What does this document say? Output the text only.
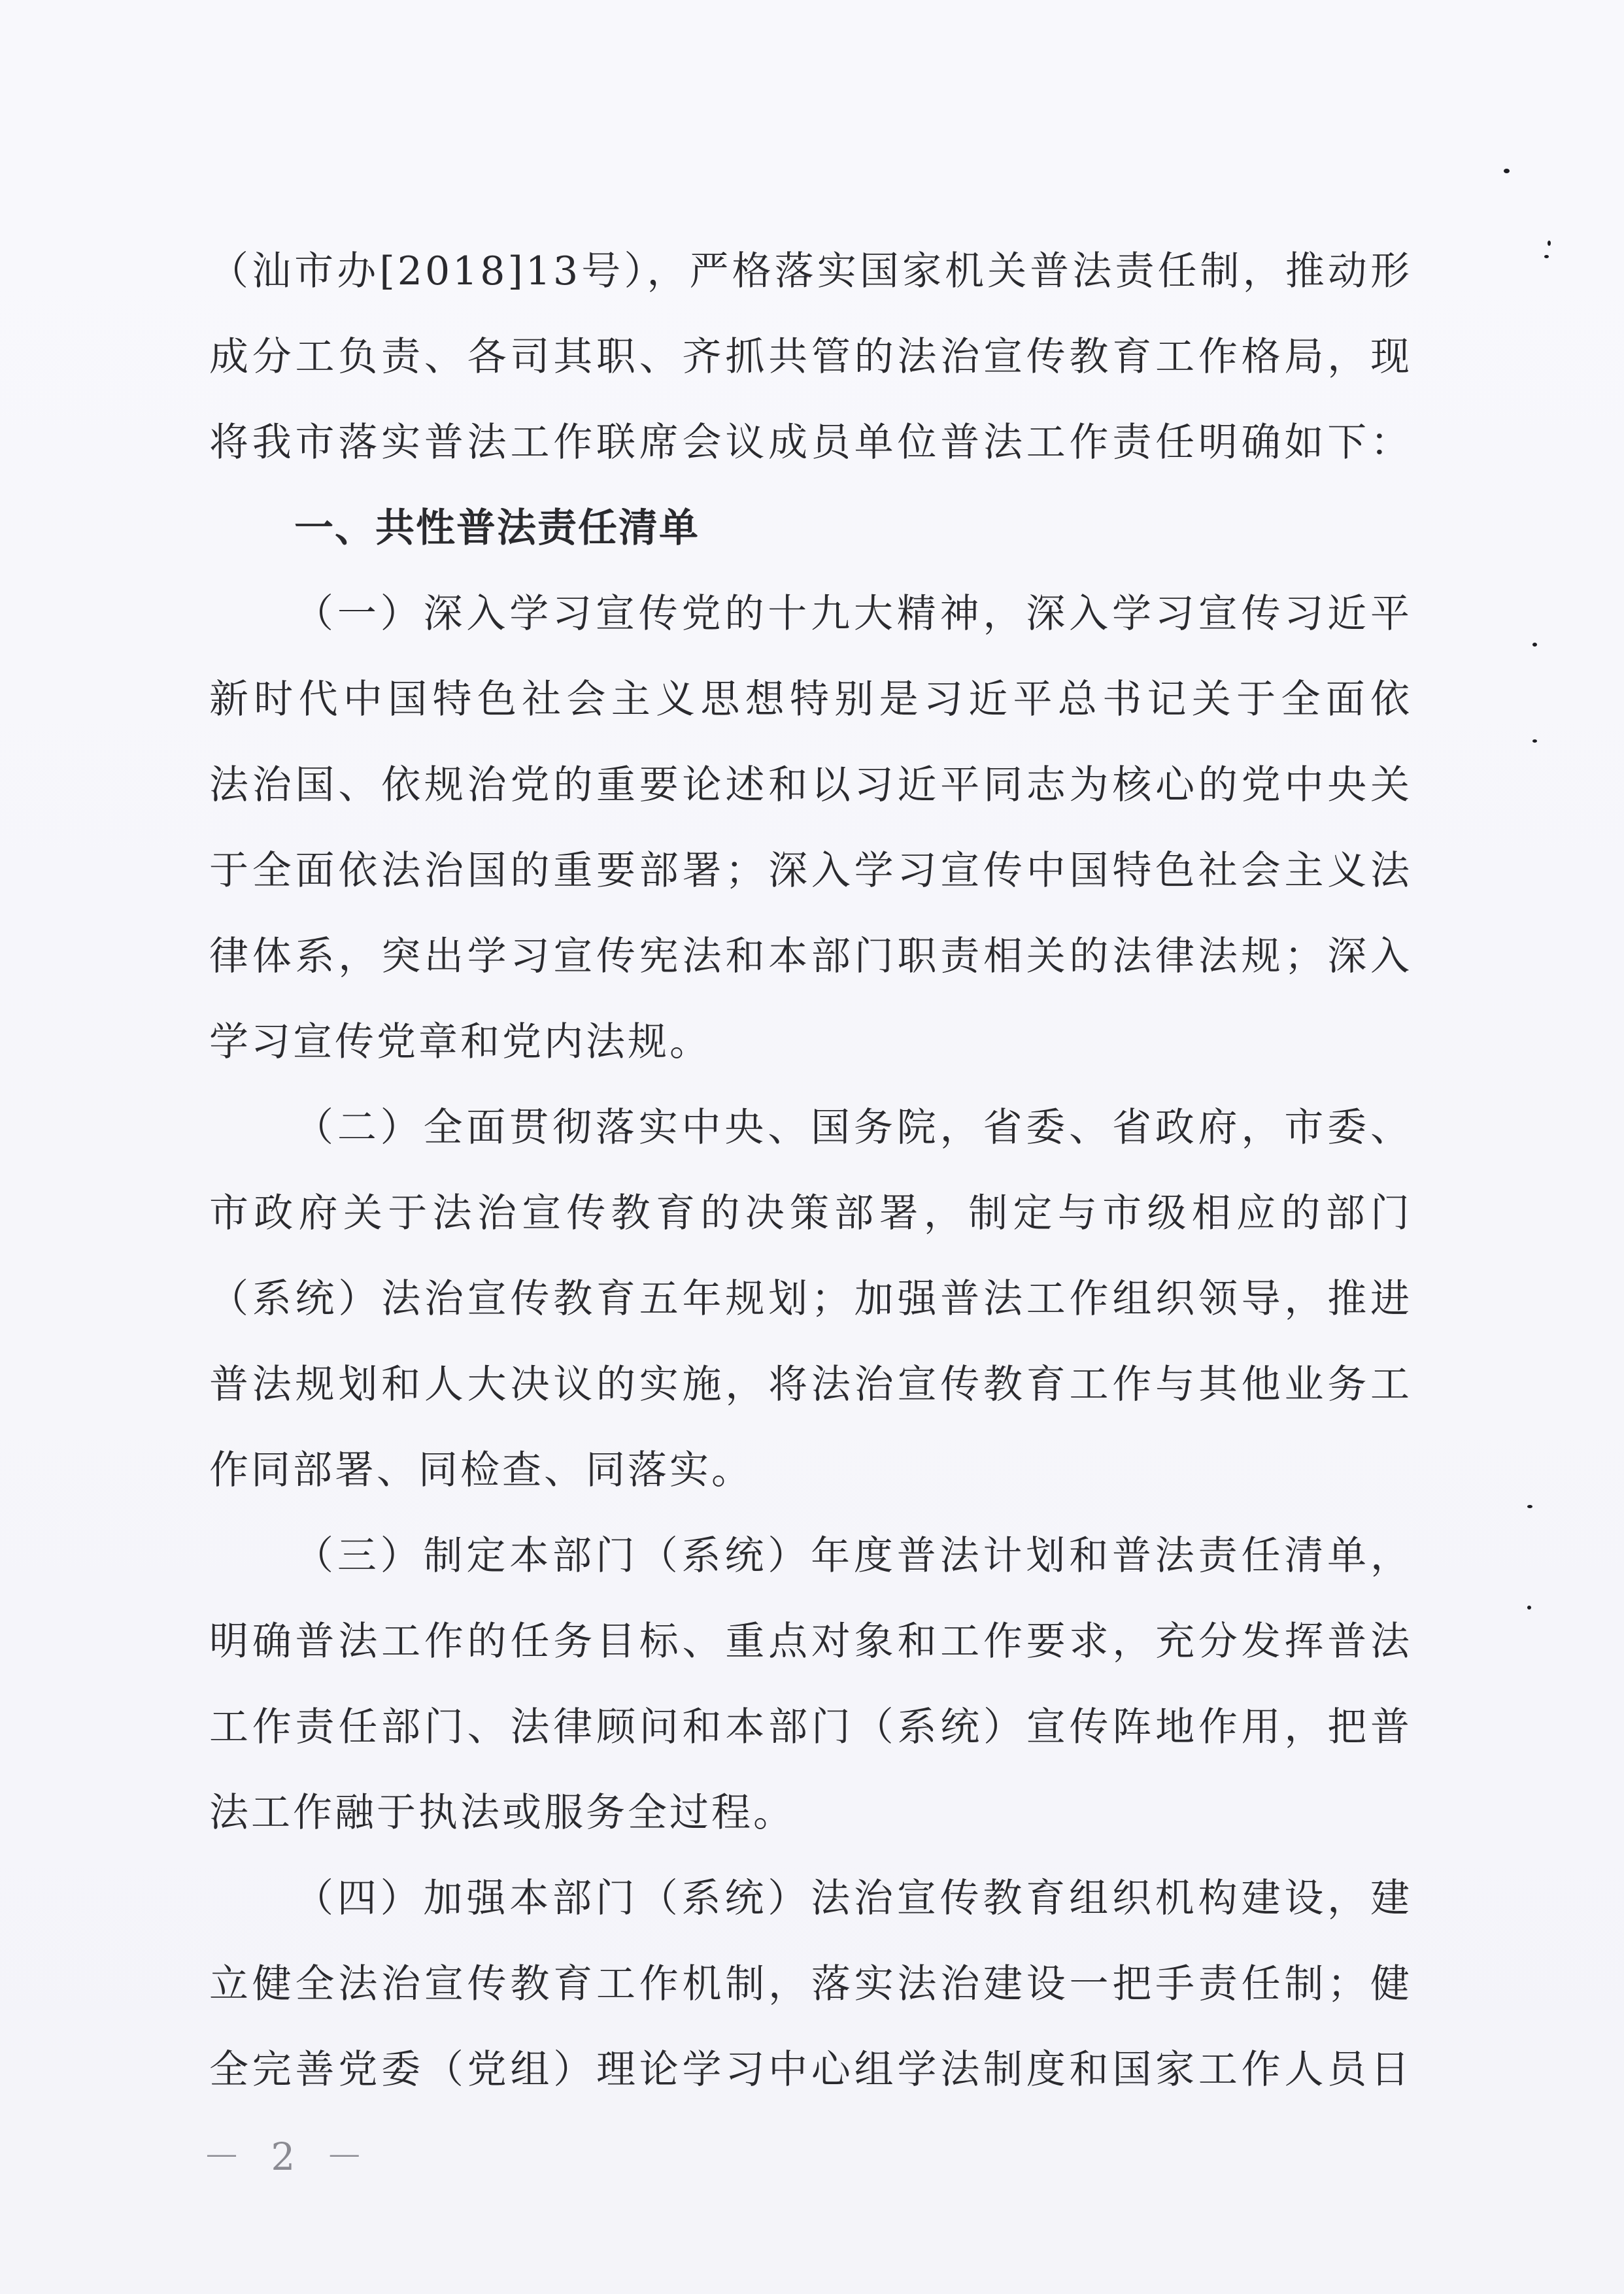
（汕市办[2018]13号），严格落实国家机关普法责任制，推动形
成分工负责、各司其职、齐抓共管的法治宣传教育工作格局，现
将我市落实普法工作联席会议成员单位普法工作责任明确如下：
一、共性普法责任清单
（一）深入学习宣传党的十九大精神，深入学习宣传习近平
新时代中国特色社会主义思想特别是习近平总书记关于全面依
法治国、依规治党的重要论述和以习近平同志为核心的党中央关
于全面依法治国的重要部署；深入学习宣传中国特色社会主义法
律体系，突出学习宣传宪法和本部门职责相关的法律法规；深入
学习宣传党章和党内法规。
（二）全面贯彻落实中央、国务院，省委、省政府，市委、
市政府关于法治宣传教育的决策部署，制定与市级相应的部门
（系统）法治宣传教育五年规划；加强普法工作组织领导，推进
普法规划和人大决议的实施，将法治宣传教育工作与其他业务工
作同部署、同检查、同落实。
（三）制定本部门（系统）年度普法计划和普法责任清单，
明确普法工作的任务目标、重点对象和工作要求，充分发挥普法
工作责任部门、法律顾问和本部门（系统）宣传阵地作用，把普
法工作融于执法或服务全过程。
（四）加强本部门（系统）法治宣传教育组织机构建设，建
立健全法治宣传教育工作机制，落实法治建设一把手责任制；健
全完善党委（党组）理论学习中心组学法制度和国家工作人员日
－ 2 －
